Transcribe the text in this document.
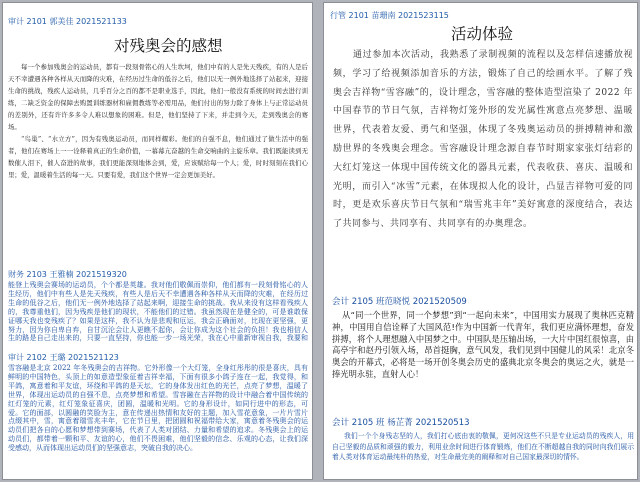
审计 2101 郭美佳 2021521133
对残奥会的感想

每一个参加残奥会的运动员，都有一段刻骨铭心的人生坎坷，他们中有的人是先天残疾，有的人是后天不幸遭遇各种各样从天而降的灾难，在经历过生命的低谷之后，他们以无一例外地选择了站起来，迎接生命的挑战，残疾人运动员，几乎百分之百的都不是职业选手，因此，他们一般没有系统的时间去进行训练，二缺乏资金的保障去购置训练器材和雇佣教练等必需用品，他们付出的努力除了身体上与正常运动员的差别外，还有许许多多令人难以想象的困难。但是，他们坚持了下来，并走到今天，走到残奥会的赛场。

“鸟巢”、“水立方”，因为有残奥运动员，而同样耀彩。他们的自强不息，他们通过了做生活中的强者，他们在赛场上一一诠释着真正的生命价值，一幕幕亢奋越的生命交响曲的主旋乐章。我们既能读到无数催人泪下，催人奋进的故事，我们更能深刻地体会到，爱，应该赋给每一个人；爱，时时刻刻在我们心里；爱，温暖着生活的每一天。只要有爱，我们这个世界一定会更加美好。

财务 2103 王雅楠 2021519320

能登上残奥会赛场的运动员，个个都是英雄。我对他们敬佩而崇仰，他们都有一段刻骨铭心的人生经历，他们中有些人是先天残疾，有些人是后天不幸遭遇各种各样从天而降的灾难，在经历过生命的低谷之后，他们无一例外地选择了站起来啊，迎接生命的挑战。我从来没有这样看残疾人的，我尊重他们，因为残疾是他们的现状，不能他们的过错。我虽然现在是健全的，可是谁敢保证哪天我也变残疾了？如果是这样，我不认为是悲观和厄运，我会正确面对，比现在更坚强，更努力，因为你自卑自弃，自甘沉沦会让人更瞧不起你，会让你成为这个社会的负担！我也相信人生的路是自己走出来的，只要一直坚持，你也能一步一场光荣，我在心中重新审视自我，我要和

审计 2102 王璐 2021521123

雪容融是北京 2022 年冬残奥会的吉祥物。它外形像一个大灯笼，全身红彤彤的很是喜庆，具有鲜明的中国特色，头顶上的如意造型象征着吉祥幸福，下面有很多小鸽子连在一起，我觉得，和平鸽，寓意着和平友谊，环绕和平鸽的是天坛，它的身体发出红色的光芒，点亮了梦想，温暖了世界，体现出运动员的自强不息，点亮梦想和希望。雪容融在吉祥物的设计中融合着中国传统的红灯笼的元素，红灯笼象征喜庆，团圆，温暖和光明。它的身形设计，如同行进中的形态，可爱。它的面部，以圆融的笑脸为主，意在传递出热情和友好的主题，加入雪花意象，一片片雪片点缀其中，雪，寓意着瑞雪兆丰年，它在节日里，把团圆和祝福带给大家，寓意着冬残奥会的运动员们把各自的心愿和梦想带到赛场，代表了人类对团结、力量和希望的追求。冬残奥会上的运动员们，都带着一颗和平、友谊的心，他们不畏困难，他们坚毅的信念、乐观的心态，让我们深受感动，从而体现出运动员们的坚强意志，突破自我的决心。

行管 2101 苗珊南 2021523115
活动体验

通过参加本次活动，我熟悉了录制视频的流程以及怎样信速播放视频，学习了给视频添加音乐的方法，锻炼了自己的绘画水平。了解了残奥会吉祥物“雪容融”的，设计理念，雪容融的整体造型渲染了 2022 年中国春节的节日气氛，吉祥物灯笼外形的发光属性寓意点亮梦想、温暖世界，代表着友爱、勇气和坚强，体现了冬残奥运动员的拼搏精神和激励世界的冬残奥会理念。雪容融设计理念源自春节时期家家张灯结彩的大红灯笼这一体现中国传统文化的器具元素，代表收获、喜庆、温暖和光明，而引入“冰雪”元素，在体现拟人化的设计，凸显吉祥物可爱的同时，更是欢乐喜庆节日气氛和“瑞雪兆丰年”美好寓意的深度结合，表达了共同参与、共同享有、共同享有的办奥理念。

会计 2105 班范晓悦 2021520509

从“同一个世界，同一个梦想”到“一起向未来”，中国用实力展现了奥林匹克精神，中国用自信诠释了大国风范!作为中国新一代青年，我们更应满怀理想，奋发拼搏，将个人理想融入中国梦之中。中国队是压轴出场，一大片中国红很惊喜，由高亭宇和赵丹引领入场，昂首挺胸，意气风发，我们见到中国健儿的风采！北京冬奥会的开幕式，必将是一场开创冬奥会历史的盛典北京冬奥会的奥运之火，就是一捧光明永驻，直射人心！

会计 2105 班 杨芷菁 2021520513

我们一个个身残志坚的人，我们打心底由衷的敬佩，更何况这些不只是专业运动员的残疾人，用自己坚毅的品质和顽强的毅力，利用业余时间进行体育锻炼，他们在不断超越自我的同时向我们展示着人类对体育运动最纯朴的热爱，对生命最完美的阐释和对自己国家最深切的情怀。
